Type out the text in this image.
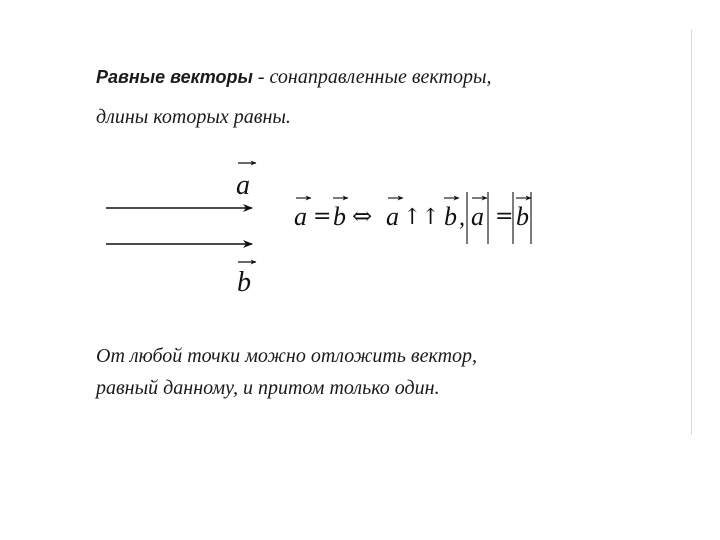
Равные векторы - сонаправленные векторы,
длины которых равны.
a
b
a = b ⇔ a ↑↑ b , a = b
От любой точки можно отложить вектор,
равный данному, и притом только один.
